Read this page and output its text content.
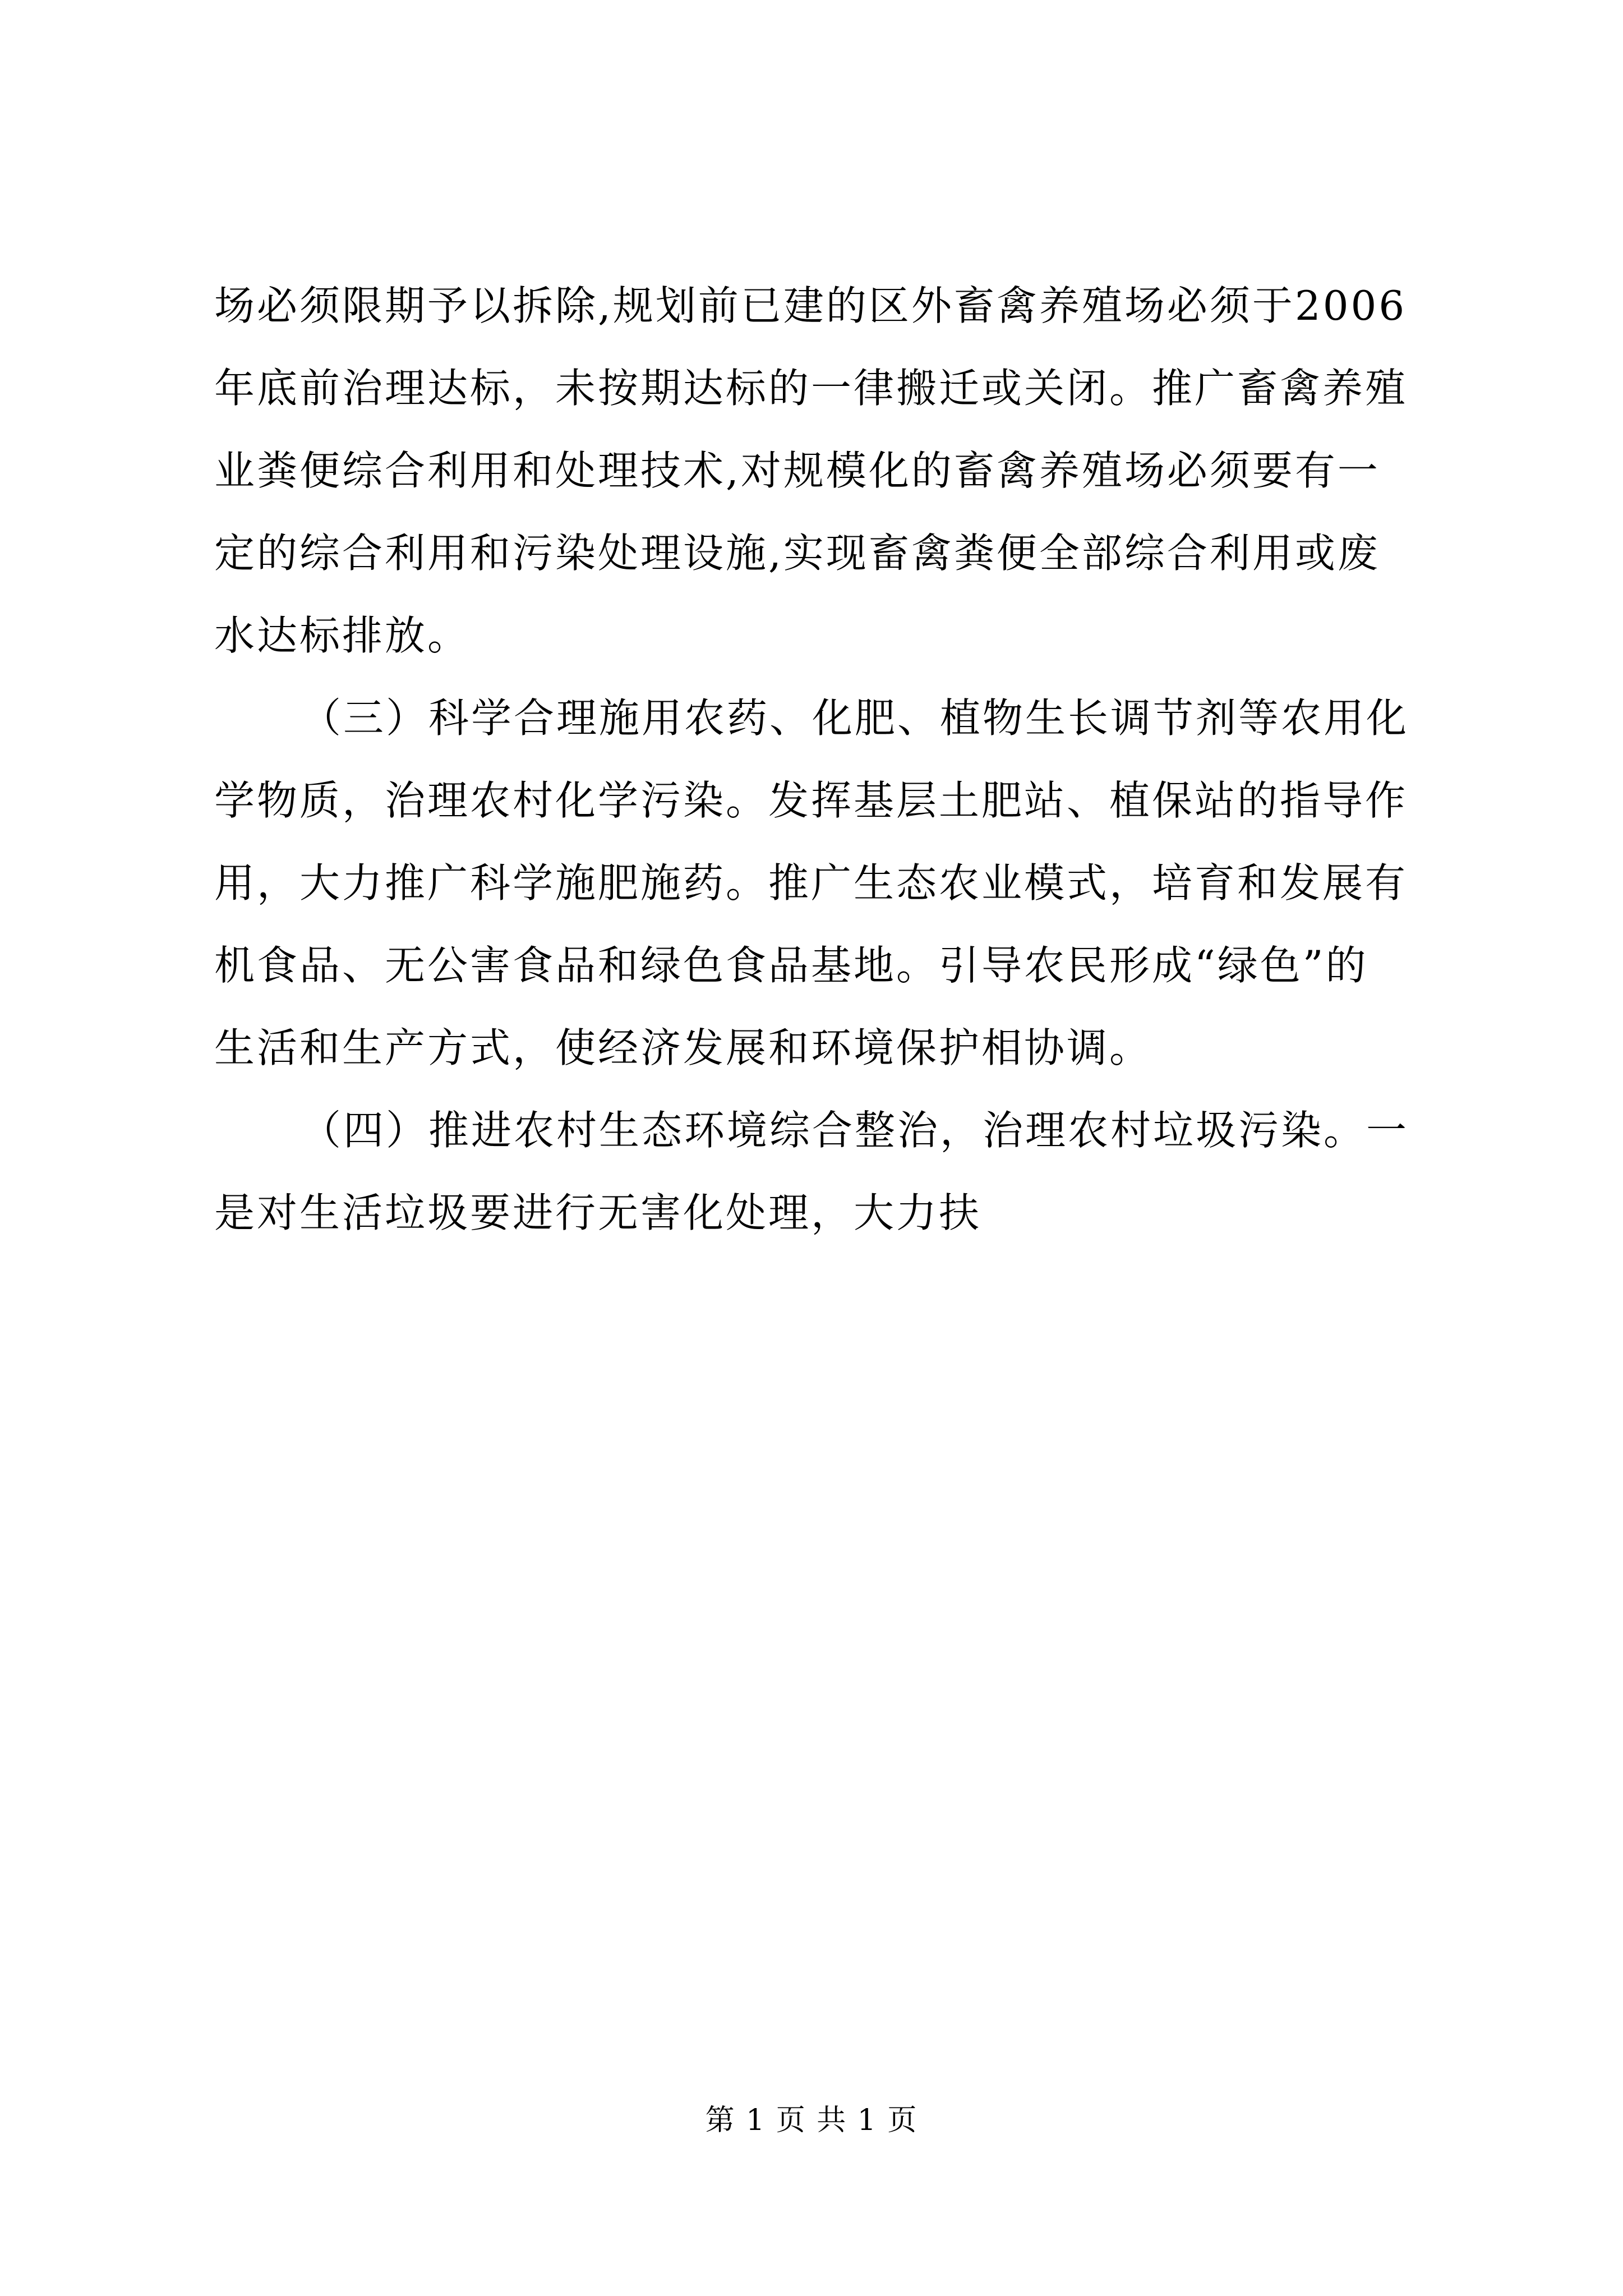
场必须限期予以拆除,规划前已建的区外畜禽养殖场必须于2006
年底前治理达标，未按期达标的一律搬迁或关闭。推广畜禽养殖
业粪便综合利用和处理技术,对规模化的畜禽养殖场必须要有一
定的综合利用和污染处理设施,实现畜禽粪便全部综合利用或废
水达标排放。
（三）科学合理施用农药、化肥、植物生长调节剂等农用化
学物质，治理农村化学污染。发挥基层土肥站、植保站的指导作
用，大力推广科学施肥施药。推广生态农业模式，培育和发展有
机食品、无公害食品和绿色食品基地。引导农民形成“绿色”的
生活和生产方式，使经济发展和环境保护相协调。
（四）推进农村生态环境综合整治，治理农村垃圾污染。一
是对生活垃圾要进行无害化处理，大力扶
第 1 页 共 1 页
